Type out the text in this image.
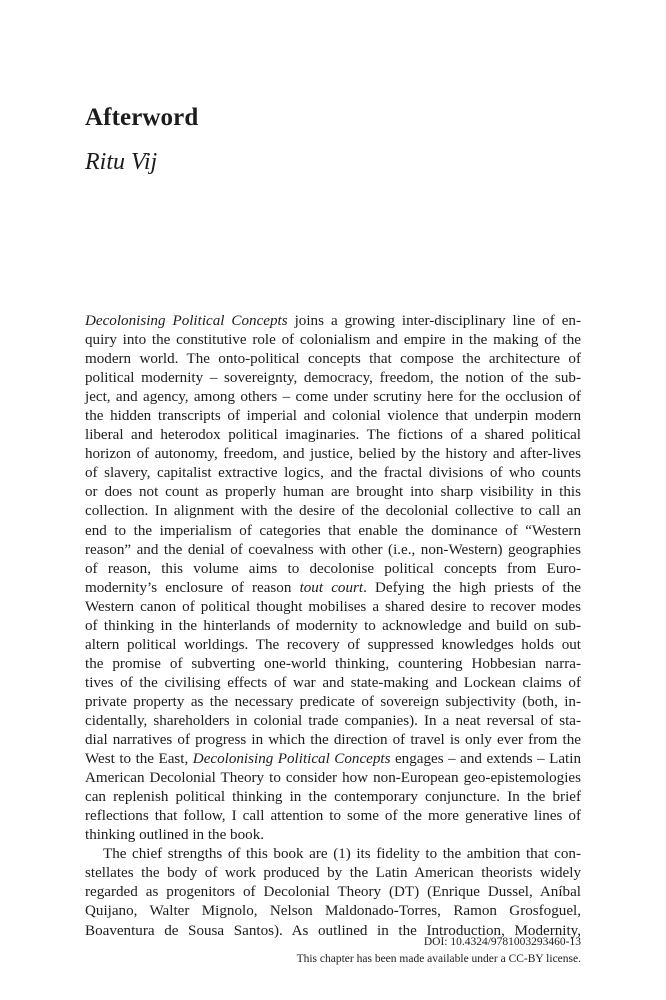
Afterword
Ritu Vij
Decolonising Political Concepts joins a growing inter-disciplinary line of en-
quiry into the constitutive role of colonialism and empire in the making of the
modern world. The onto-political concepts that compose the architecture of
political modernity – sovereignty, democracy, freedom, the notion of the sub-
ject, and agency, among others – come under scrutiny here for the occlusion of
the hidden transcripts of imperial and colonial violence that underpin modern
liberal and heterodox political imaginaries. The fictions of a shared political
horizon of autonomy, freedom, and justice, belied by the history and after-lives
of slavery, capitalist extractive logics, and the fractal divisions of who counts
or does not count as properly human are brought into sharp visibility in this
collection. In alignment with the desire of the decolonial collective to call an
end to the imperialism of categories that enable the dominance of “Western
reason” and the denial of coevalness with other (i.e., non-Western) geographies
of reason, this volume aims to decolonise political concepts from Euro-
modernity’s enclosure of reason tout court. Defying the high priests of the
Western canon of political thought mobilises a shared desire to recover modes
of thinking in the hinterlands of modernity to acknowledge and build on sub-
altern political worldings. The recovery of suppressed knowledges holds out
the promise of subverting one-world thinking, countering Hobbesian narra-
tives of the civilising effects of war and state-making and Lockean claims of
private property as the necessary predicate of sovereign subjectivity (both, in-
cidentally, shareholders in colonial trade companies). In a neat reversal of sta-
dial narratives of progress in which the direction of travel is only ever from the
West to the East, Decolonising Political Concepts engages – and extends – Latin
American Decolonial Theory to consider how non-European geo-epistemologies
can replenish political thinking in the contemporary conjuncture. In the brief
reflections that follow, I call attention to some of the more generative lines of
thinking outlined in the book.
The chief strengths of this book are (1) its fidelity to the ambition that con-
stellates the body of work produced by the Latin American theorists widely
regarded as progenitors of Decolonial Theory (DT) (Enrique Dussel, Aníbal
Quijano, Walter Mignolo, Nelson Maldonado-Torres, Ramon Grosfoguel,
Boaventura de Sousa Santos). As outlined in the Introduction, Modernity,
DOI: 10.4324/9781003293460-13
This chapter has been made available under a CC-BY license.
